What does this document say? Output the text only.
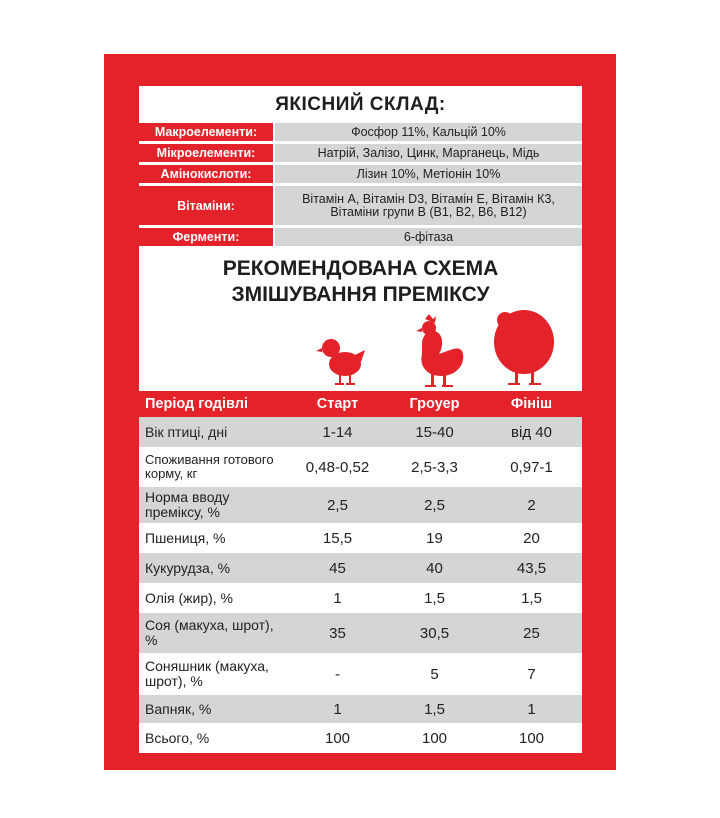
ЯКІСНИЙ СКЛАД:
Макроелементи:	Фосфор 11%, Кальцій 10%
Мікроелементи:	Натрій, Залізо, Цинк, Марганець, Мідь
Амінокислоти:	Лізин 10%, Метіонін 10%
Вітаміни:	Вітамін А, Вітамін D3, Вітамін Е, Вітамін К3, Вітаміни групи В (В1, В2, В6, В12)
Ферменти:	6-фітаза
РЕКОМЕНДОВАНА СХЕМА
ЗМІШУВАННЯ ПРЕМІКСУ
Період годівлі	Старт	Гроуер	Фініш
Вік птиці, дні	1-14	15-40	від 40
Споживання готового корму, кг	0,48-0,52	2,5-3,3	0,97-1
Норма вводу преміксу, %	2,5	2,5	2
Пшениця, %	15,5	19	20
Кукурудза, %	45	40	43,5
Олія (жир), %	1	1,5	1,5
Соя (макуха, шрот), %	35	30,5	25
Соняшник (макуха, шрот), %	-	5	7
Вапняк, %	1	1,5	1
Всього, %	100	100	100
